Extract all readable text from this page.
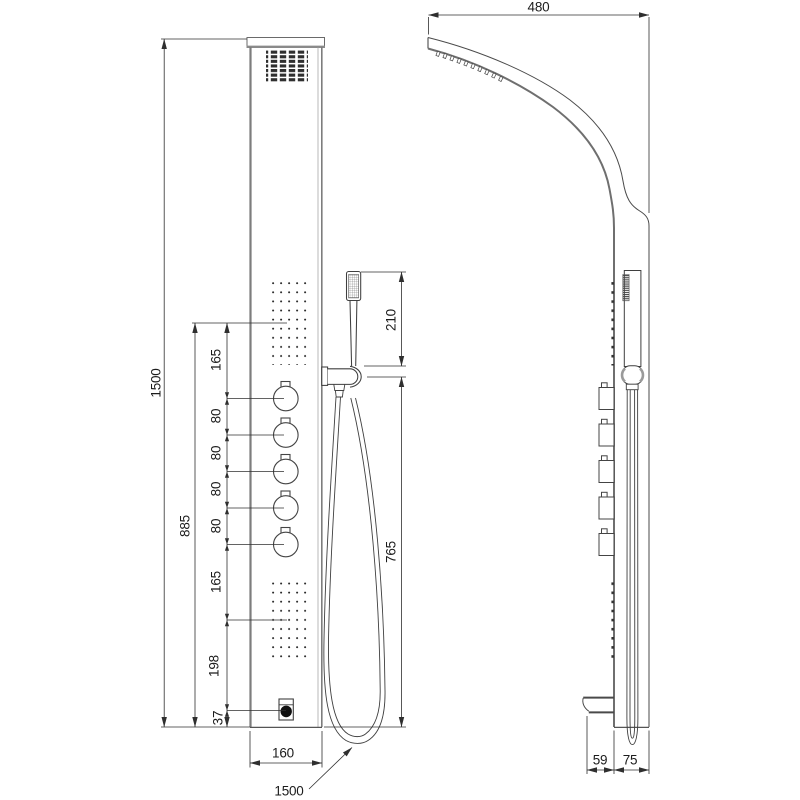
1500
885
165
80
80
80
80
165
198
37
160
210
765
1500
480
59 75
